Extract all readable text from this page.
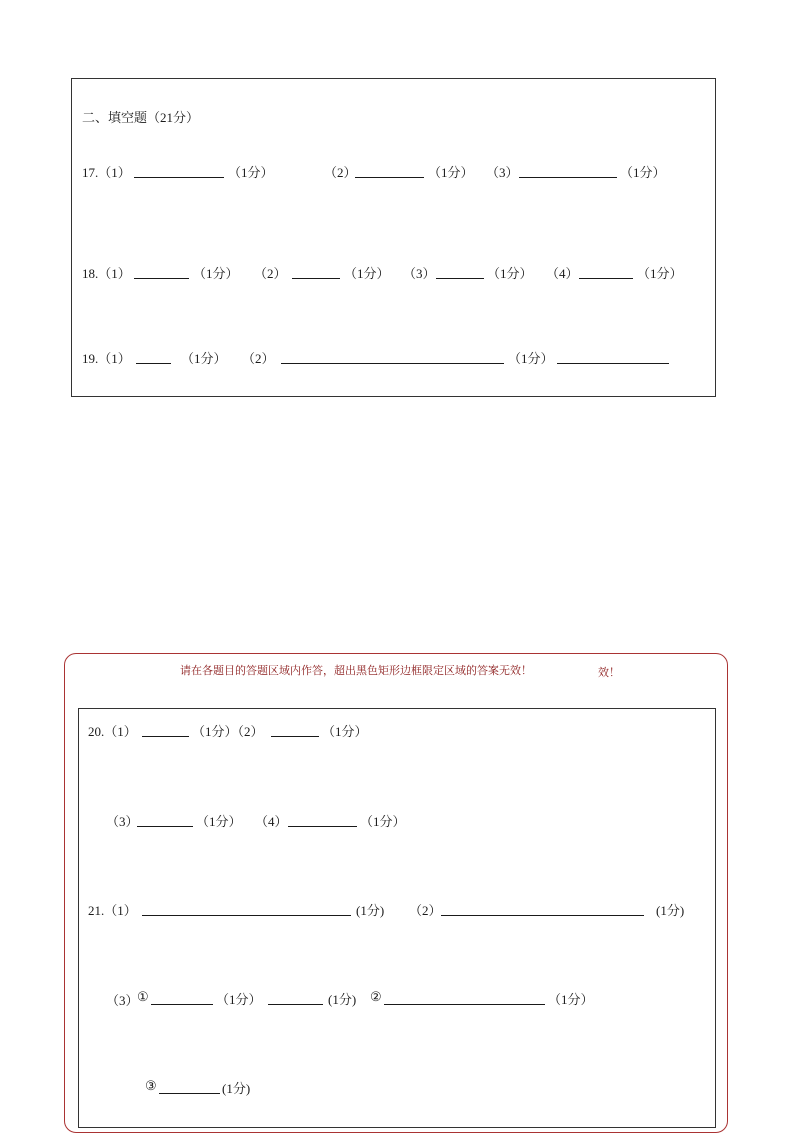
二、填空题（21分）
17.（1）	（1分）	（2）	（1分） （3）	（1分）
18.（1）	（1分） （2）	（1分） （3）	（1分） （4）	（1分）
19.（1）	（1分） （2）	（1分）
请在各题目的答题区域内作答，超出黑色矩形边框限定区域的答案无效！	效！
20.（1）	（1分）（2）	（1分）
（3）	（1分） （4）	（1分）
21.（1）	(1分) （2）	(1分)
（3）
①	（1分）	(1分) ②	（1分）
③	(1分)
